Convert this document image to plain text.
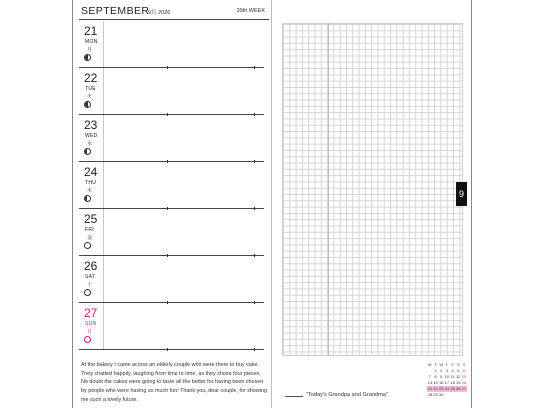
SEPTEMBER
9月 2026	39th WEEK
21
MON
月
22
TUE
火
23
WED
水
24
THU
木
25
FRI
金
26
SAT
土
27
SUN
日
At the bakery I came across an elderly couple who were there to buy cake. They chatted happily, laughing from time to time, as they chose four pieces. No doubt the cakes were going to taste all the better for having been chosen by people who were having so much fun! Thank you, dear couple, for showing me such a lovely future.
9
"Today's Grandpa and Grandma"
M T W T F S S
1 2 3 4 5 6
7 8 9 10 11 12 13
14 15 16 17 18 19 20
21 22 23 24 25 26 27
28 29 30
